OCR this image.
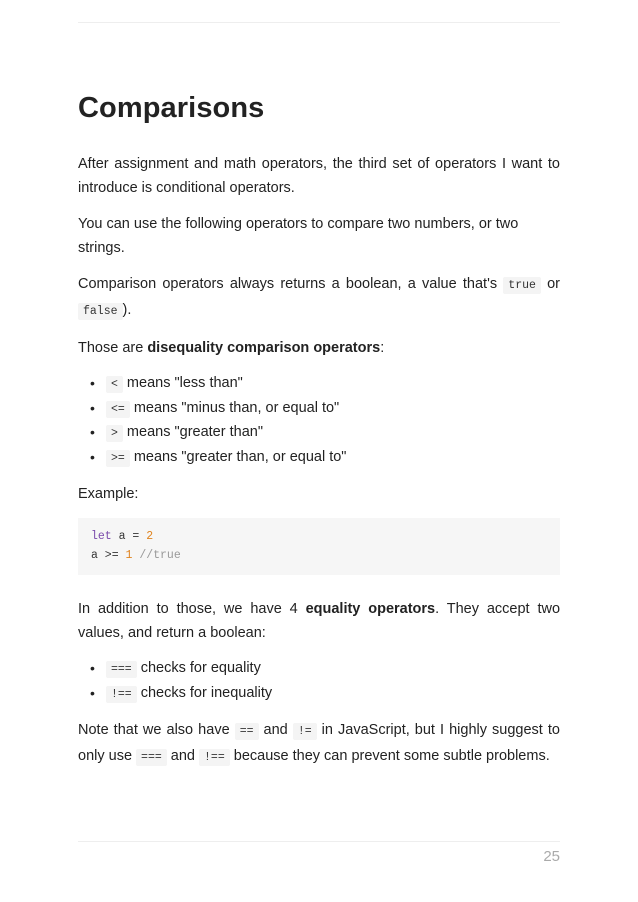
Comparisons

After assignment and math operators, the third set of operators I want to introduce is conditional operators.

You can use the following operators to compare two numbers, or two strings.

Comparison operators always returns a boolean, a value that's true or false ).

Those are disequality comparison operators:

• < means "less than"
• <= means "minus than, or equal to"
• > means "greater than"
• >= means "greater than, or equal to"

Example:

let a = 2
a >= 1 //true

In addition to those, we have 4 equality operators. They accept two values, and return a boolean:

• === checks for equality
• !== checks for inequality

Note that we also have == and != in JavaScript, but I highly suggest to only use === and !== because they can prevent some subtle problems.

25
